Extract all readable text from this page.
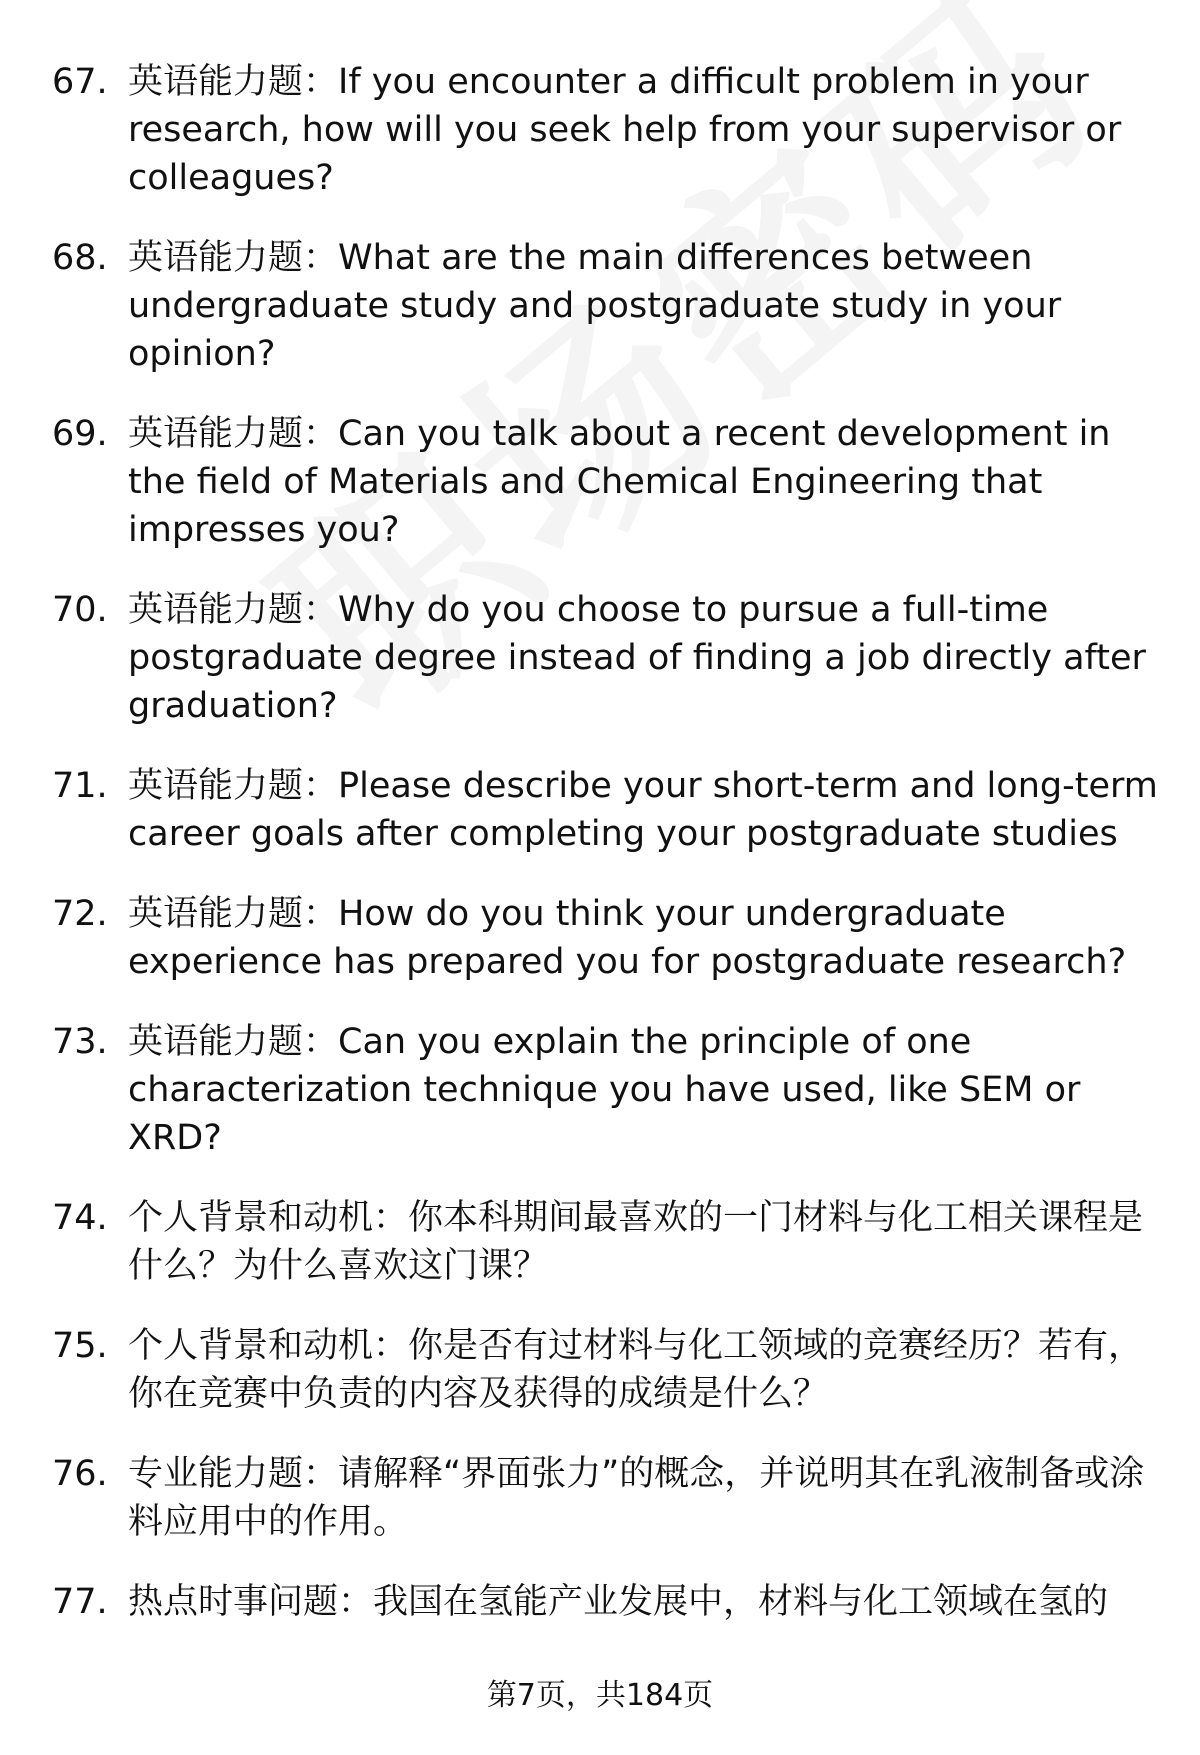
67. 英语能力题：If you encounter a difficult problem in your research, how will you seek help from your supervisor or colleagues?
68. 英语能力题：What are the main differences between undergraduate study and postgraduate study in your opinion?
69. 英语能力题：Can you talk about a recent development in the field of Materials and Chemical Engineering that impresses you?
70. 英语能力题：Why do you choose to pursue a full-time postgraduate degree instead of finding a job directly after graduation?
71. 英语能力题：Please describe your short-term and long-term career goals after completing your postgraduate studies
72. 英语能力题：How do you think your undergraduate experience has prepared you for postgraduate research?
73. 英语能力题：Can you explain the principle of one characterization technique you have used, like SEM or XRD?
74. 个人背景和动机：你本科期间最喜欢的一门材料与化工相关课程是什么？为什么喜欢这门课？
75. 个人背景和动机：你是否有过材料与化工领域的竞赛经历？若有，你在竞赛中负责的内容及获得的成绩是什么？
76. 专业能力题：请解释“界面张力”的概念，并说明其在乳液制备或涂料应用中的作用。
77. 热点时事问题：我国在氢能产业发展中，材料与化工领域在氢的
第7页，共184页
